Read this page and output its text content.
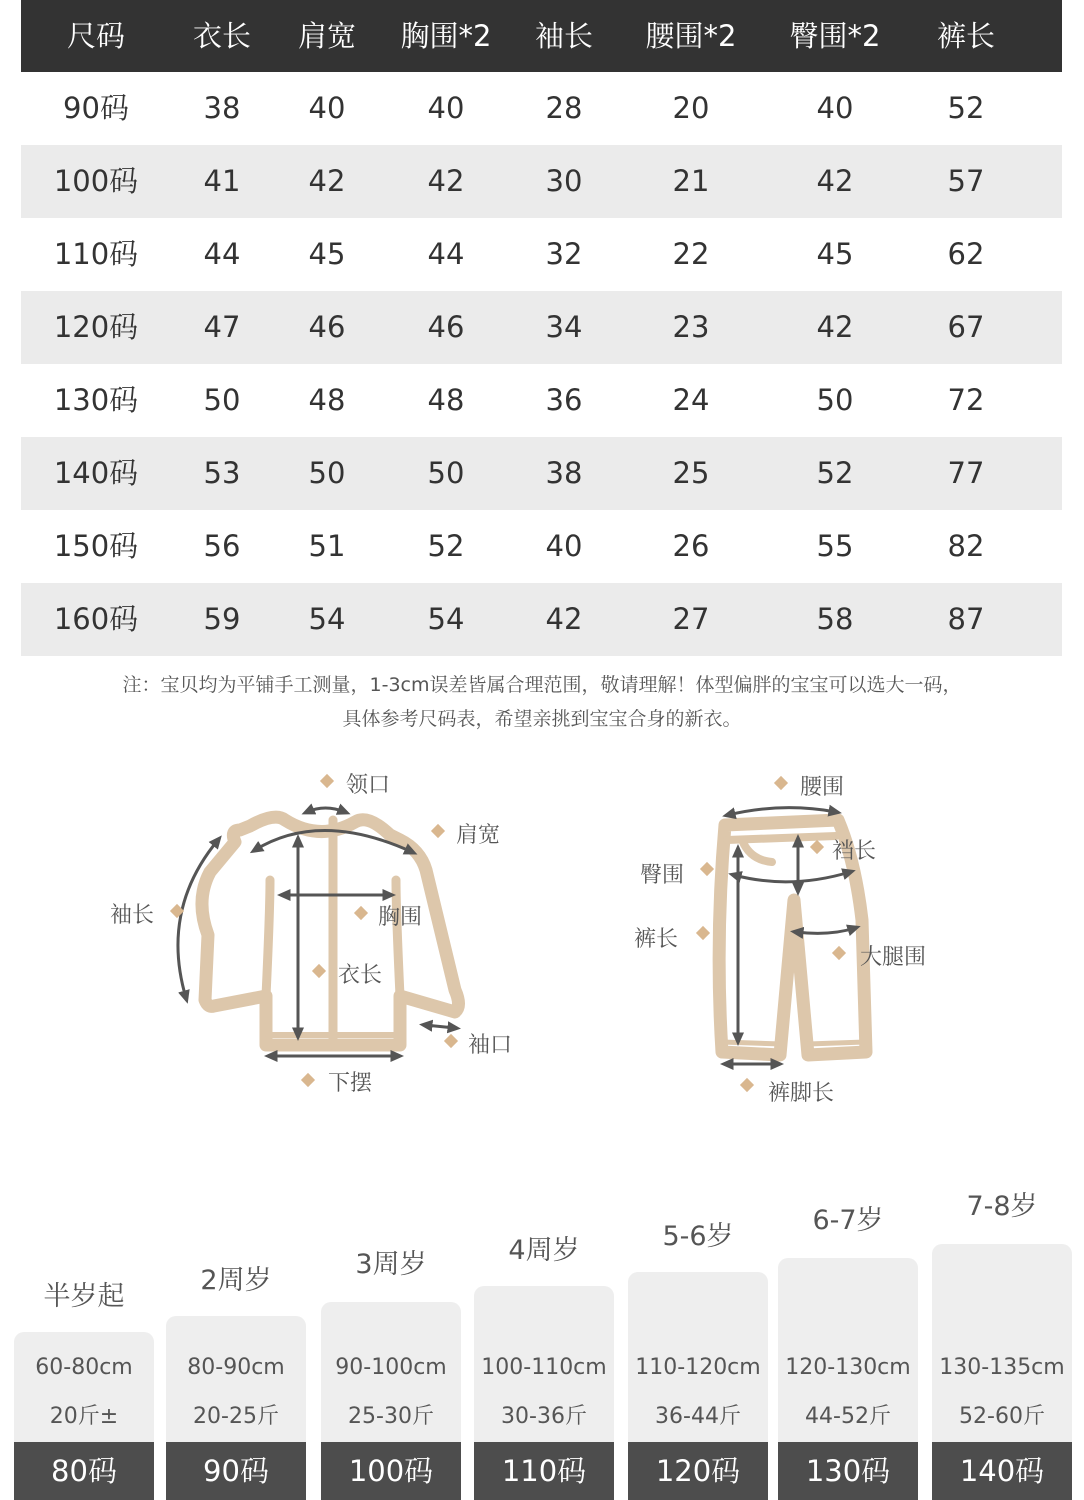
尺码	衣长	肩宽	胸围*2	袖长	腰围*2	臀围*2	裤长
90码	38	40	40	28	20	40	52
100码	41	42	42	30	21	42	57
110码	44	45	44	32	22	45	62
120码	47	46	46	34	23	42	67
130码	50	48	48	36	24	50	72
140码	53	50	50	38	25	52	77
150码	56	51	52	40	26	55	82
160码	59	54	54	42	27	58	87
注：宝贝均为平铺手工测量，1-3cm误差皆属合理范围，敬请理解！体型偏胖的宝宝可以选大一码，
具体参考尺码表，希望亲挑到宝宝合身的新衣。
领口
肩宽
袖长	胸围
衣长
袖口
下摆
腰围
裆长
臀围
裤长
大腿围
裤脚长
半岁起
60-80cm
20斤±
80码
2周岁
80-90cm
20-25斤
90码
3周岁
90-100cm
25-30斤
100码
4周岁
100-110cm
30-36斤
110码
5-6岁
110-120cm
36-44斤
120码
6-7岁
120-130cm
44-52斤
130码
7-8岁
130-135cm
52-60斤
140码
